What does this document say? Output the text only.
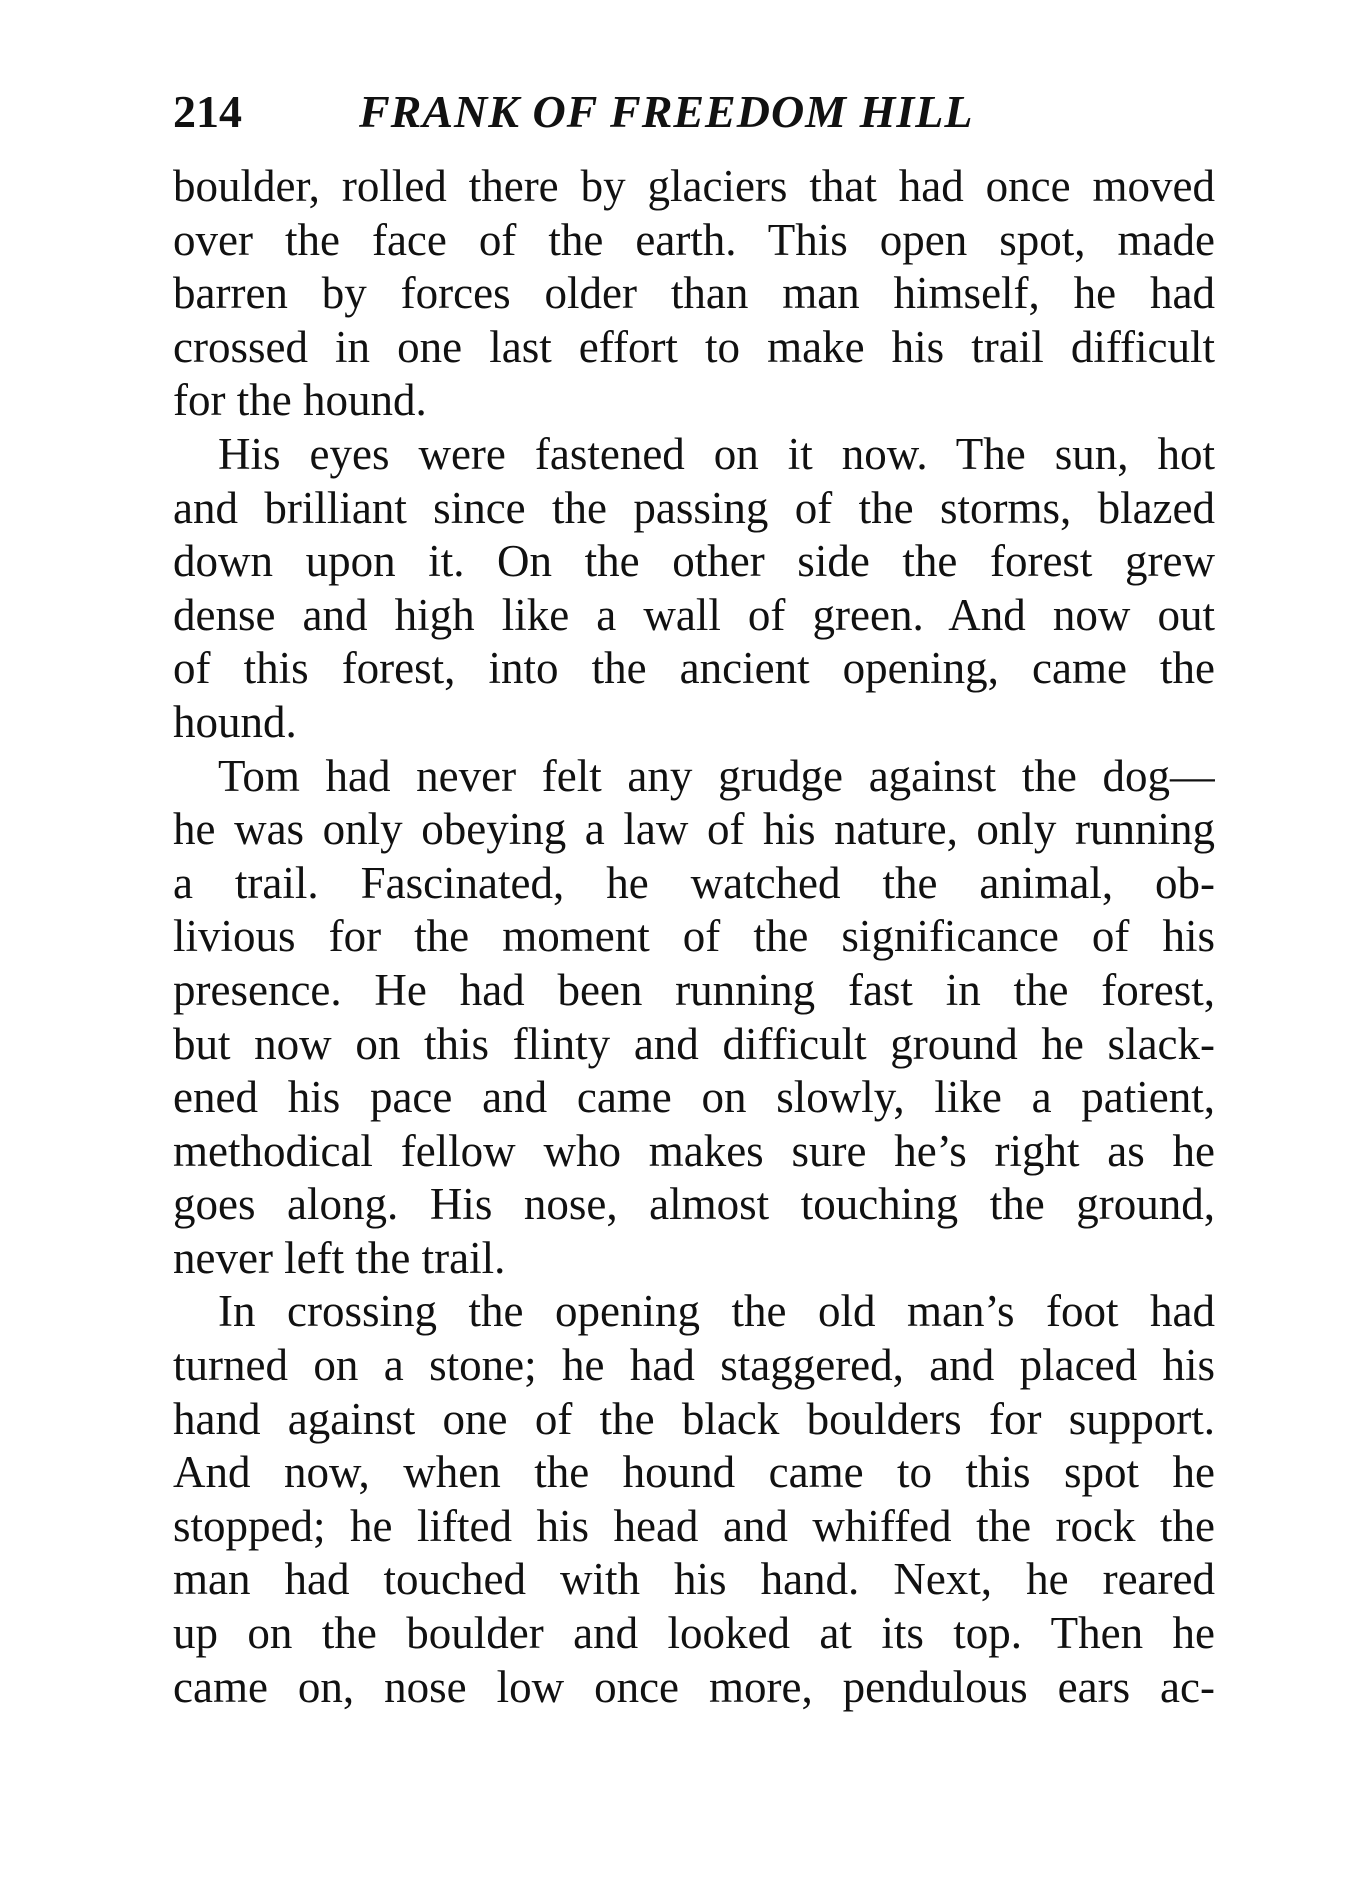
214	FRANK OF FREEDOM HILL
boulder, rolled there by glaciers that had once moved
over the face of the earth. This open spot, made
barren by forces older than man himself, he had
crossed in one last effort to make his trail difficult
for the hound.
His eyes were fastened on it now. The sun, hot
and brilliant since the passing of the storms, blazed
down upon it. On the other side the forest grew
dense and high like a wall of green. And now out
of this forest, into the ancient opening, came the
hound.
Tom had never felt any grudge against the dog—
he was only obeying a law of his nature, only running
a trail. Fascinated, he watched the animal, ob-
livious for the moment of the significance of his
presence. He had been running fast in the forest,
but now on this flinty and difficult ground he slack-
ened his pace and came on slowly, like a patient,
methodical fellow who makes sure he’s right as he
goes along. His nose, almost touching the ground,
never left the trail.
In crossing the opening the old man’s foot had
turned on a stone; he had staggered, and placed his
hand against one of the black boulders for support.
And now, when the hound came to this spot he
stopped; he lifted his head and whiffed the rock the
man had touched with his hand. Next, he reared
up on the boulder and looked at its top. Then he
came on, nose low once more, pendulous ears ac-
